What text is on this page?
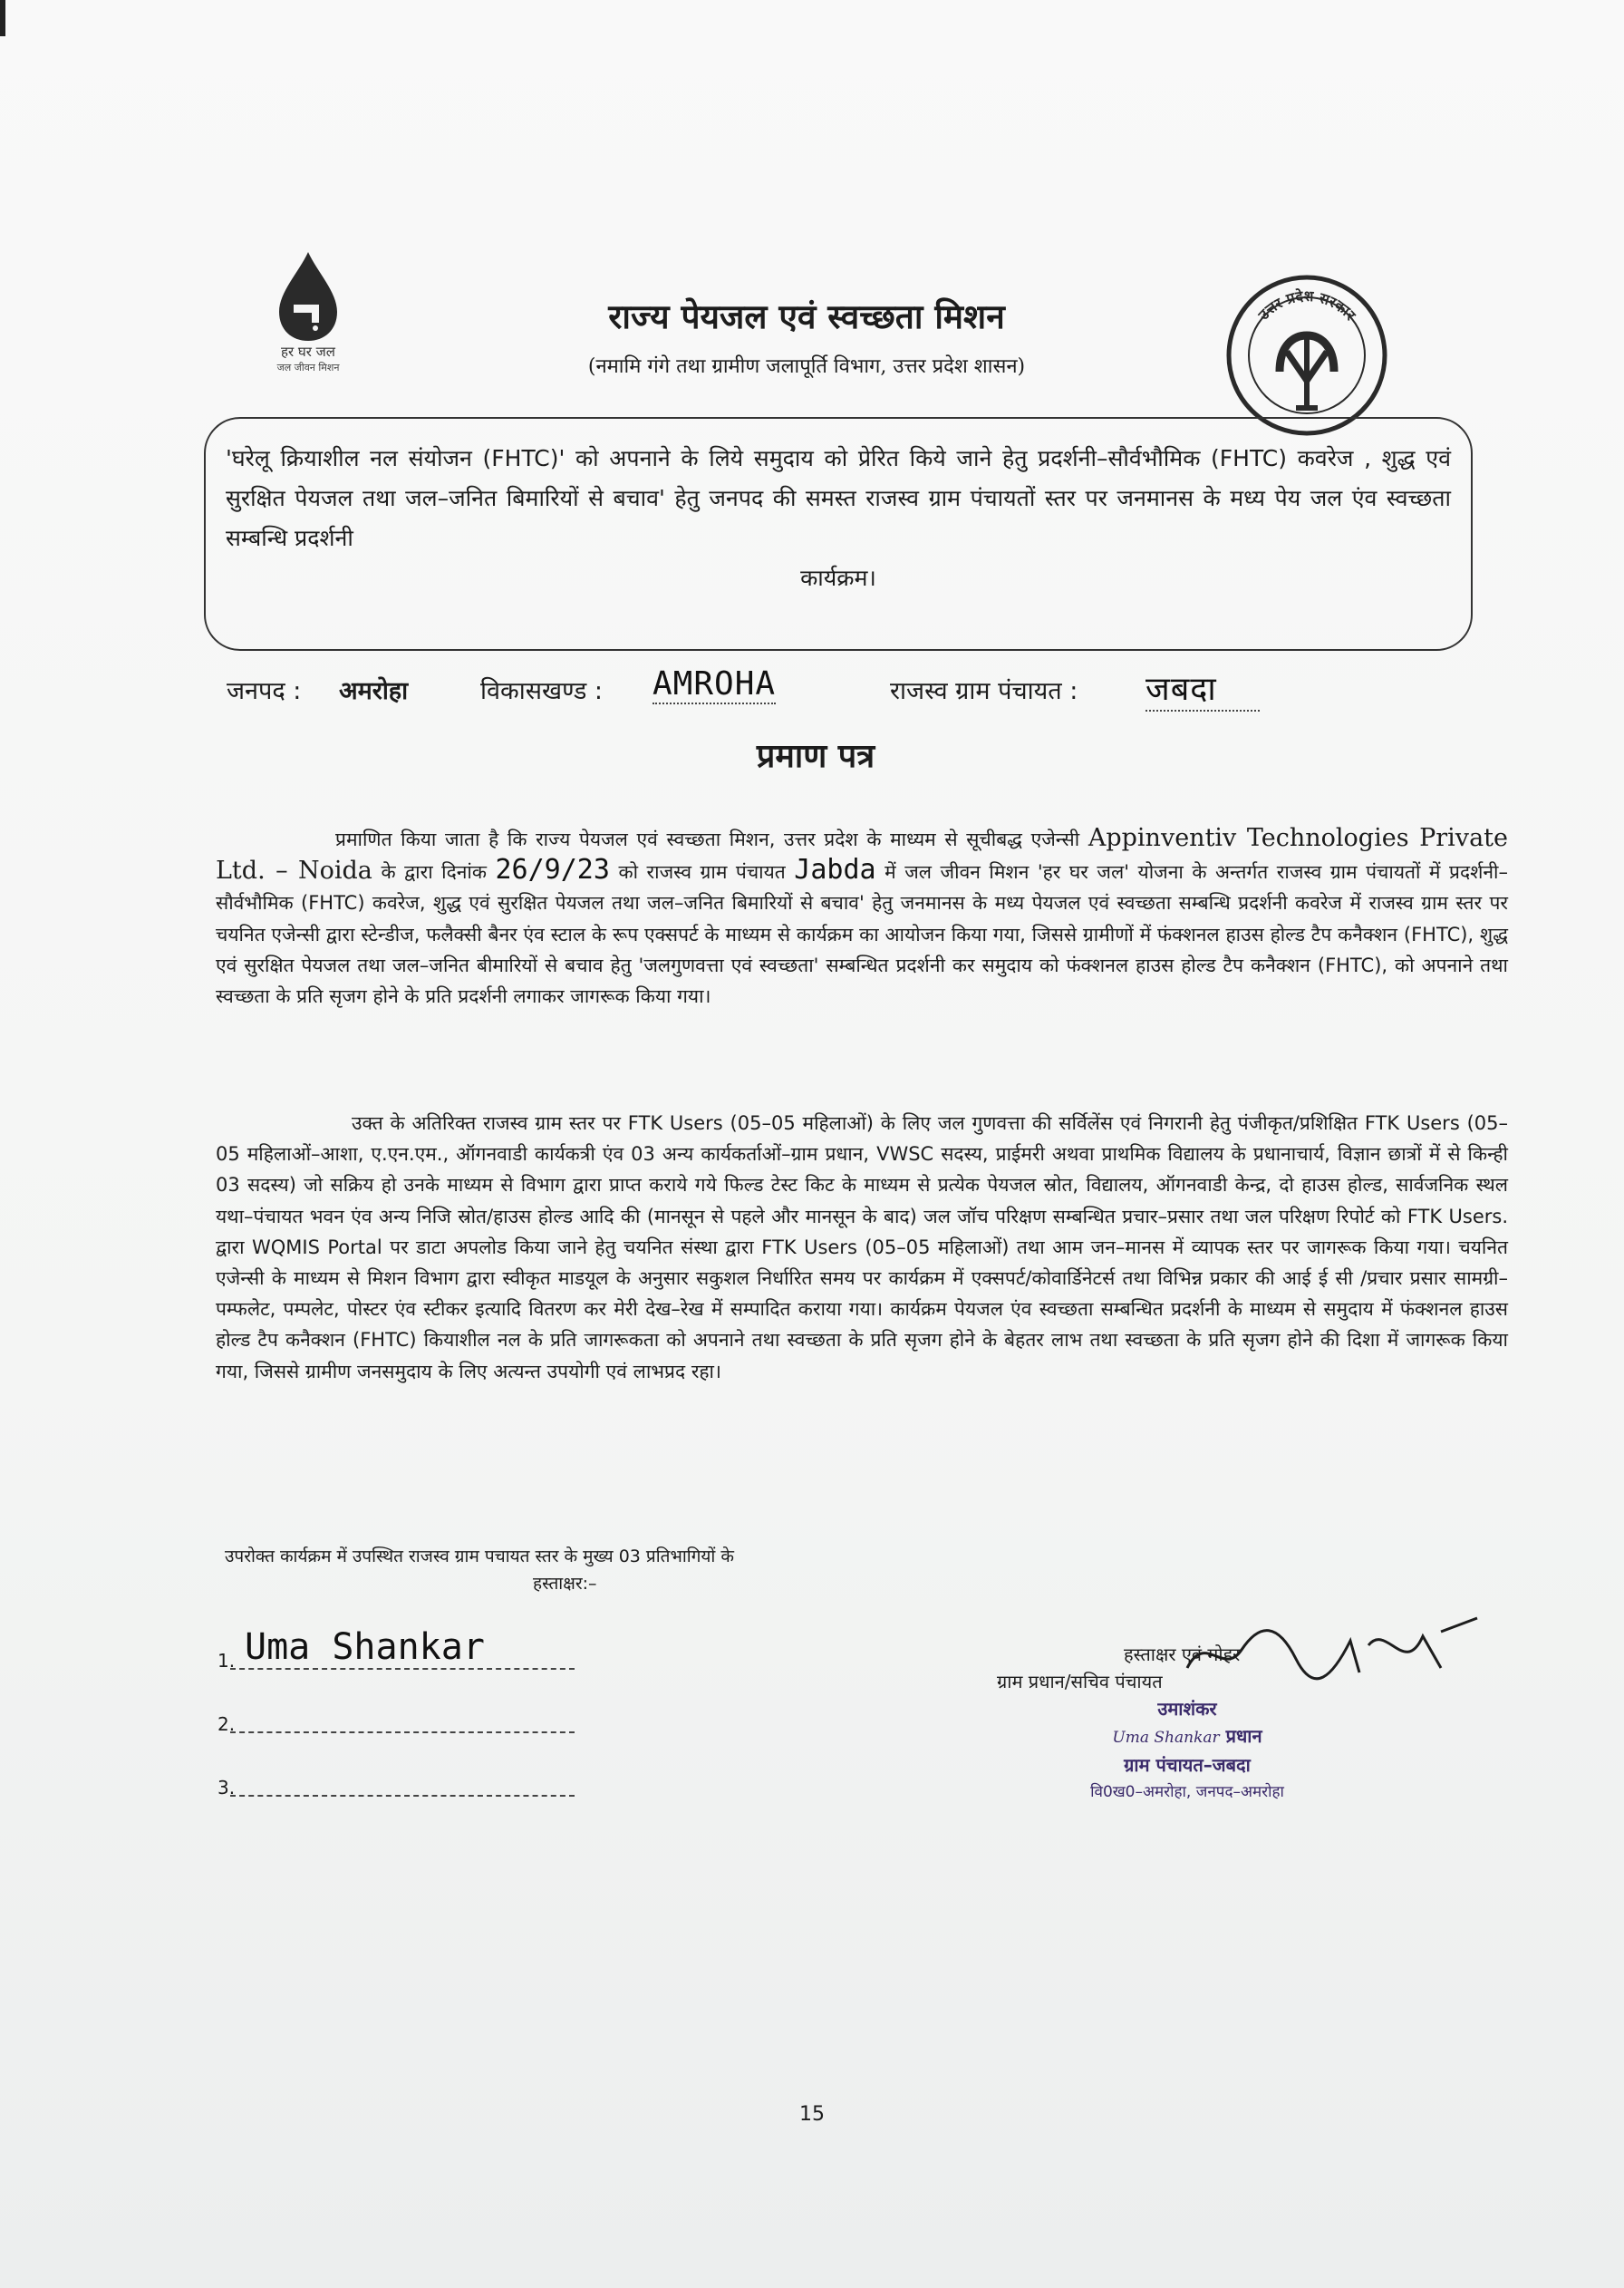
हर घर जल
जल जीवन मिशन
राज्य पेयजल एवं स्वच्छता मिशन
(नमामि गंगे तथा ग्रामीण जलापूर्ति विभाग, उत्तर प्रदेश शासन)
उत्तर प्रदेश सरकार
'घरेलू क्रियाशील नल संयोजन (FHTC)' को अपनाने के लिये समुदाय को प्रेरित किये जाने हेतु प्रदर्शनी–सौर्वभौमिक (FHTC) कवरेज , शुद्ध एवं सुरक्षित पेयजल तथा जल–जनित बिमारियों से बचाव' हेतु जनपद की समस्त राजस्व ग्राम पंचायतों स्तर पर जनमानस के मध्य पेय जल एंव स्वच्छता सम्बन्धि प्रदर्शनी
कार्यक्रम।
जनपद : अमरोहा	विकासखण्ड : AMROHA	राजस्व ग्राम पंचायत : जबदा
प्रमाण पत्र
प्रमाणित किया जाता है कि राज्य पेयजल एवं स्वच्छता मिशन, उत्तर प्रदेश के माध्यम से सूचीबद्ध एजेन्सी Appinventiv Technologies Private Ltd. – Noida के द्वारा दिनांक 26/9/23 को राजस्व ग्राम पंचायत Jabda में जल जीवन मिशन 'हर घर जल' योजना के अन्तर्गत राजस्व ग्राम पंचायतों में प्रदर्शनी–सौर्वभौमिक (FHTC) कवरेज, शुद्ध एवं सुरक्षित पेयजल तथा जल–जनित बिमारियों से बचाव' हेतु जनमानस के मध्य पेयजल एवं स्वच्छता सम्बन्धि प्रदर्शनी कवरेज में राजस्व ग्राम स्तर पर चयनित एजेन्सी द्वारा स्टेन्डीज, फलैक्सी बैनर एंव स्टाल के रूप एक्सपर्ट के माध्यम से कार्यक्रम का आयोजन किया गया, जिससे ग्रामीणों में फंक्शनल हाउस होल्ड टैप कनैक्शन (FHTC), शुद्ध एवं सुरक्षित पेयजल तथा जल–जनित बीमारियों से बचाव हेतु 'जलगुणवत्ता एवं स्वच्छता' सम्बन्धित प्रदर्शनी कर समुदाय को फंक्शनल हाउस होल्ड टैप कनैक्शन (FHTC), को अपनाने तथा स्वच्छता के प्रति सृजग होने के प्रति प्रदर्शनी लगाकर जागरूक किया गया।
उक्त के अतिरिक्त राजस्व ग्राम स्तर पर FTK Users (05–05 महिलाओं) के लिए जल गुणवत्ता की सर्विलेंस एवं निगरानी हेतु पंजीकृत/प्रशिक्षित FTK Users (05–05 महिलाओं–आशा, ए.एन.एम., ऑगनवाडी कार्यकत्री एंव 03 अन्य कार्यकर्ताओं–ग्राम प्रधान, VWSC सदस्य, प्राईमरी अथवा प्राथमिक विद्यालय के प्रधानाचार्य, विज्ञान छात्रों में से किन्ही 03 सदस्य) जो सक्रिय हो उनके माध्यम से विभाग द्वारा प्राप्त कराये गये फिल्ड टेस्ट किट के माध्यम से प्रत्येक पेयजल स्रोत, विद्यालय, ऑगनवाडी केन्द्र, दो हाउस होल्ड, सार्वजनिक स्थल यथा–पंचायत भवन एंव अन्य निजि स्रोत/हाउस होल्ड आदि की (मानसून से पहले और मानसून के बाद) जल जॉच परिक्षण सम्बन्धित प्रचार–प्रसार तथा जल परिक्षण रिपोर्ट को FTK Users. द्वारा WQMIS Portal पर डाटा अपलोड किया जाने हेतु चयनित संस्था द्वारा FTK Users (05–05 महिलाओं) तथा आम जन–मानस में व्यापक स्तर पर जागरूक किया गया। चयनित एजेन्सी के माध्यम से मिशन विभाग द्वारा स्वीकृत माडयूल के अनुसार सकुशल निर्धारित समय पर कार्यक्रम में एक्सपर्ट/कोवार्डिनेटर्स तथा विभिन्न प्रकार की आई ई सी /प्रचार प्रसार सामग्री–पम्फलेट, पम्पलेट, पोस्टर एंव स्टीकर इत्यादि वितरण कर मेरी देख–रेख में सम्पादित कराया गया। कार्यक्रम पेयजल एंव स्वच्छता सम्बन्धित प्रदर्शनी के माध्यम से समुदाय में फंक्शनल हाउस होल्ड टैप कनैक्शन (FHTC) कियाशील नल के प्रति जागरूकता को अपनाने तथा स्वच्छता के प्रति सृजग होने के बेहतर लाभ तथा स्वच्छता के प्रति सृजग होने की दिशा में जागरूक किया गया, जिससे ग्रामीण जनसमुदाय के लिए अत्यन्त उपयोगी एवं लाभप्रद रहा।
उपरोक्त कार्यक्रम में उपस्थित राजस्व ग्राम पचायत स्तर के मुख्य 03 प्रतिभागियों के
हस्ताक्षर:–
1. Uma Shankar
2.
3.
हस्ताक्षर एवं मोहर
ग्राम प्रधान/सचिव पंचायत
उमाशंकर
Uma Shankar प्रधान
ग्राम पंचायत–जबदा
वि0ख0–अमरोहा, जनपद–अमरोहा
15
